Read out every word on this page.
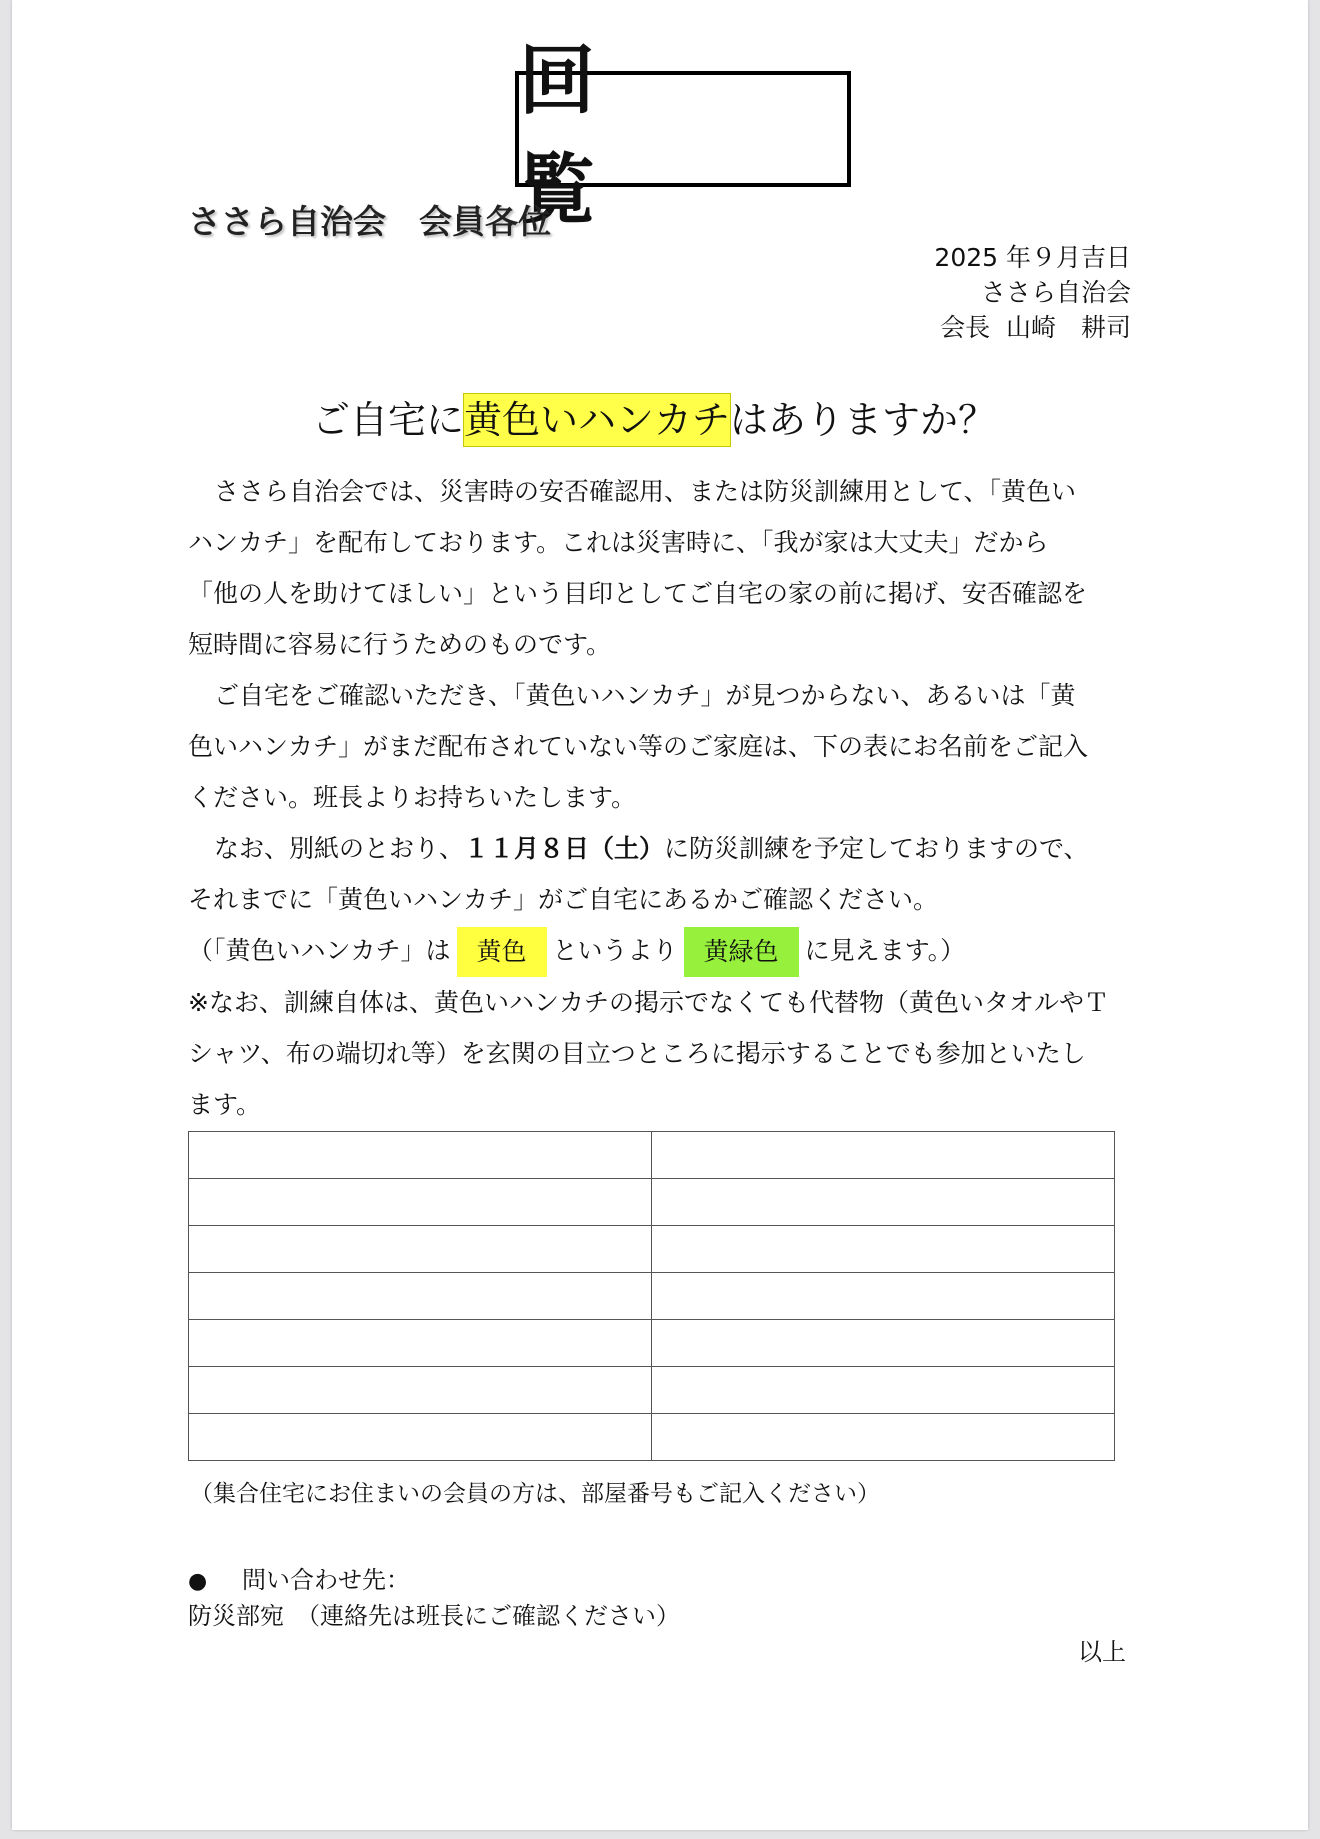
回　覧
ささら自治会　会員各位
2025 年９月吉日
ささら自治会
会長  山崎　耕司
ご自宅に黄色いハンカチはありますか？
ささら自治会では、災害時の安否確認用、または防災訓練用として、「黄色い
ハンカチ」を配布しております。これは災害時に、「我が家は大丈夫」だから
「他の人を助けてほしい」という目印としてご自宅の家の前に掲げ、安否確認を
短時間に容易に行うためのものです。
ご自宅をご確認いただき、「黄色いハンカチ」が見つからない、あるいは「黄
色いハンカチ」がまだ配布されていない等のご家庭は、下の表にお名前をご記入
ください。班長よりお持ちいたします。
なお、別紙のとおり、１１月８日（土）に防災訓練を予定しておりますので、
それまでに「黄色いハンカチ」がご自宅にあるかご確認ください。
（「黄色いハンカチ」は 黄色 というより 黄緑色 に見えます。）
※なお、訓練自体は、黄色いハンカチの掲示でなくても代替物（黄色いタオルやＴ
シャツ、布の端切れ等）を玄関の目立つところに掲示することでも参加といたし
ます。

（集合住宅にお住まいの会員の方は、部屋番号もご記入ください）
● 問い合わせ先：
防災部宛　（連絡先は班長にご確認ください）
以上
